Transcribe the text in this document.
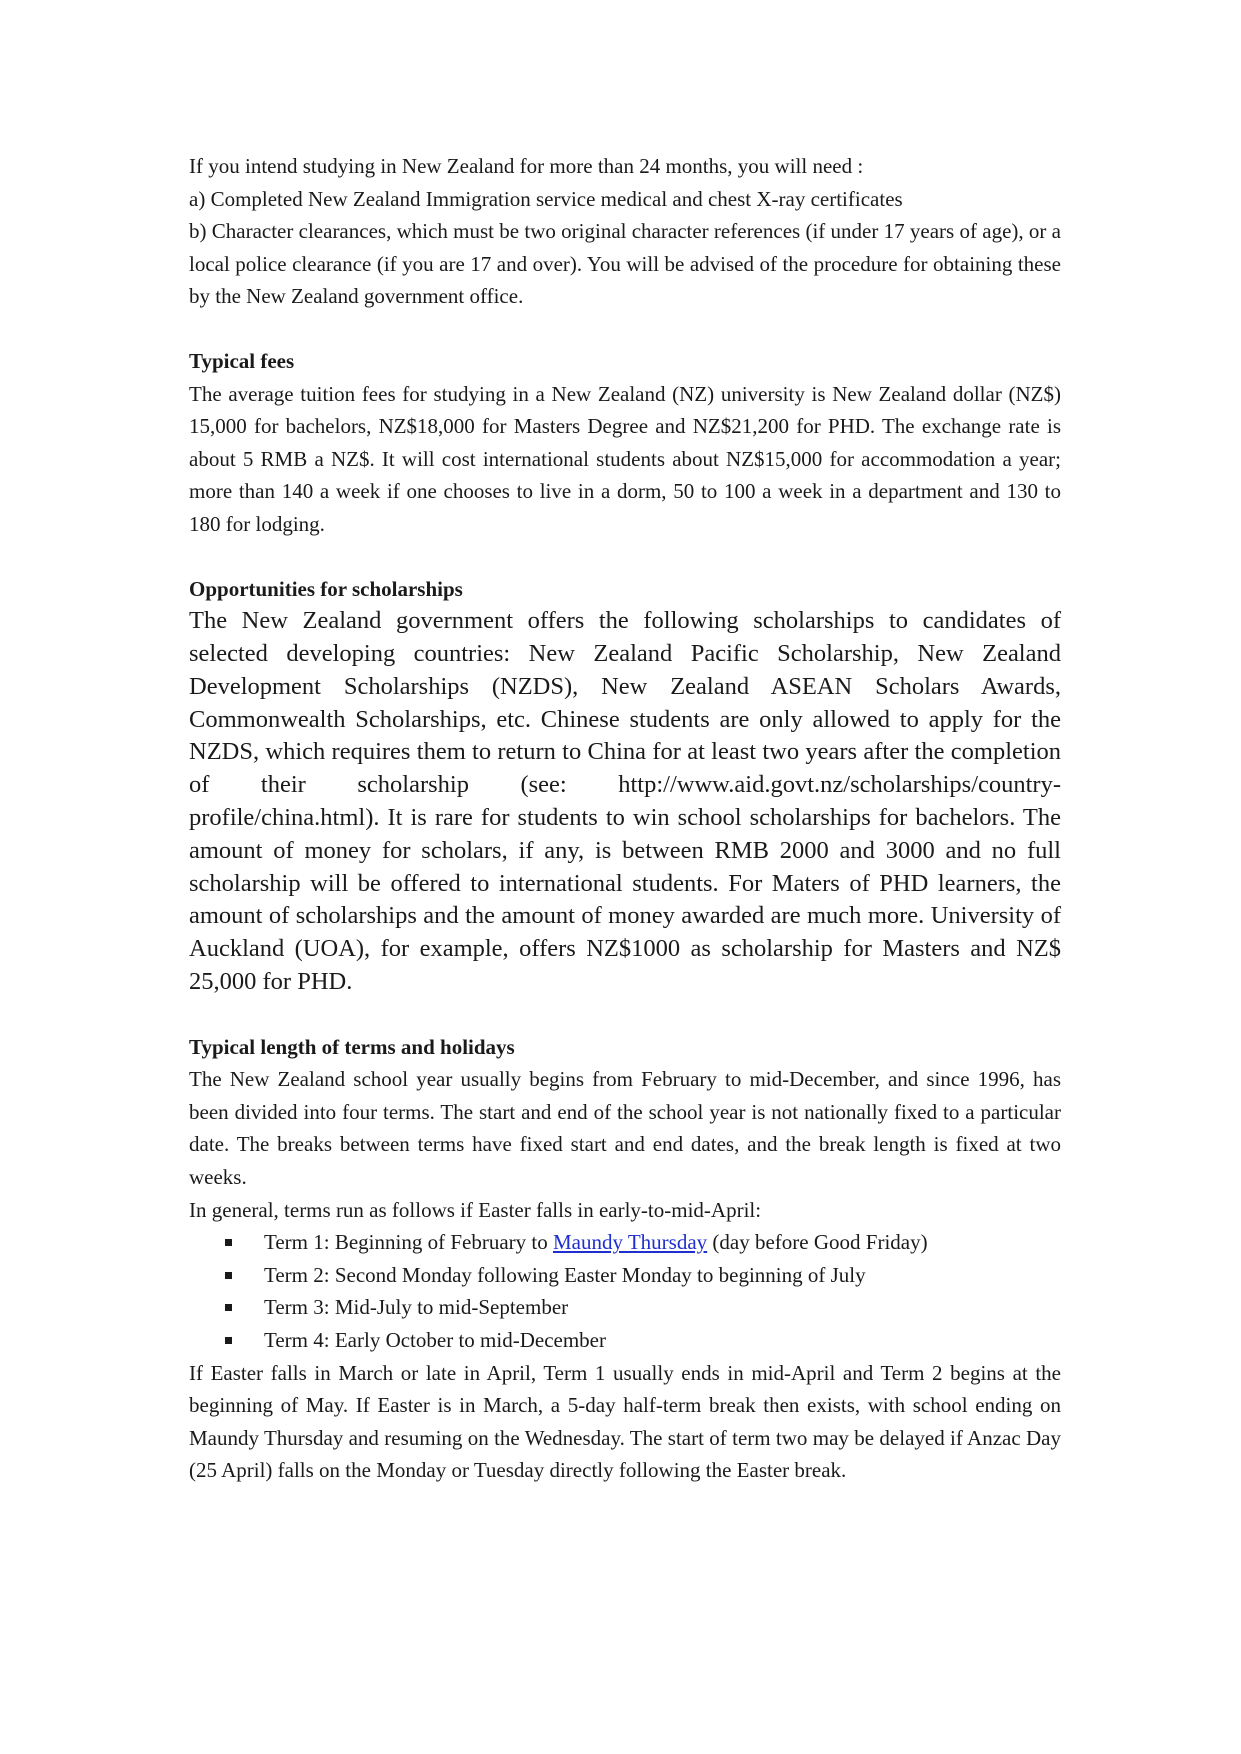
If you intend studying in New Zealand for more than 24 months, you will need :

a) Completed New Zealand Immigration service medical and chest X-ray certificates

b) Character clearances, which must be two original character references (if under 17 years of age), or a local police clearance (if you are 17 and over). You will be advised of the procedure for obtaining these by the New Zealand government office.

Typical fees

The average tuition fees for studying in a New Zealand (NZ) university is New Zealand dollar (NZ$) 15,000 for bachelors, NZ$18,000 for Masters Degree and NZ$21,200 for PHD. The exchange rate is about 5 RMB a NZ$. It will cost international students about NZ$15,000 for accommodation a year; more than 140 a week if one chooses to live in a dorm, 50 to 100 a week in a department and 130 to 180 for lodging.

Opportunities for scholarships

The New Zealand government offers the following scholarships to candidates of selected developing countries: New Zealand Pacific Scholarship, New Zealand Development Scholarships (NZDS), New Zealand ASEAN Scholars Awards, Commonwealth Scholarships, etc. Chinese students are only allowed to apply for the NZDS, which requires them to return to China for at least two years after the completion of their scholarship (see: http://www.aid.govt.nz/scholarships/country-profile/china.html). It is rare for students to win school scholarships for bachelors. The amount of money for scholars, if any, is between RMB 2000 and 3000 and no full scholarship will be offered to international students. For Maters of PHD learners, the amount of scholarships and the amount of money awarded are much more. University of Auckland (UOA), for example, offers NZ$1000 as scholarship for Masters and NZ$ 25,000 for PHD.

Typical length of terms and holidays

The New Zealand school year usually begins from February to mid-December, and since 1996, has been divided into four terms. The start and end of the school year is not nationally fixed to a particular date. The breaks between terms have fixed start and end dates, and the break length is fixed at two weeks.

In general, terms run as follows if Easter falls in early-to-mid-April:

Term 1: Beginning of February to Maundy Thursday (day before Good Friday)
Term 2: Second Monday following Easter Monday to beginning of July
Term 3: Mid-July to mid-September
Term 4: Early October to mid-December

If Easter falls in March or late in April, Term 1 usually ends in mid-April and Term 2 begins at the beginning of May. If Easter is in March, a 5-day half-term break then exists, with school ending on Maundy Thursday and resuming on the Wednesday. The start of term two may be delayed if Anzac Day (25 April) falls on the Monday or Tuesday directly following the Easter break.
